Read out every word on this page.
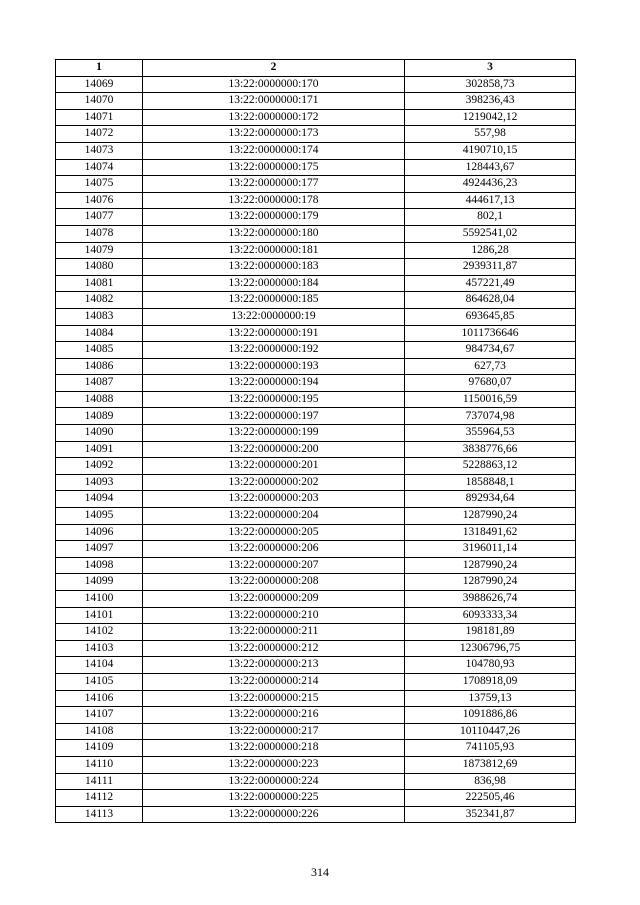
1	2	3
14069	13:22:0000000:170	302858,73
14070	13:22:0000000:171	398236,43
14071	13:22:0000000:172	1219042,12
14072	13:22:0000000:173	557,98
14073	13:22:0000000:174	4190710,15
14074	13:22:0000000:175	128443,67
14075	13:22:0000000:177	4924436,23
14076	13:22:0000000:178	444617,13
14077	13:22:0000000:179	802,1
14078	13:22:0000000:180	5592541,02
14079	13:22:0000000:181	1286,28
14080	13:22:0000000:183	2939311,87
14081	13:22:0000000:184	457221,49
14082	13:22:0000000:185	864628,04
14083	13:22:0000000:19	693645,85
14084	13:22:0000000:191	1011736646
14085	13:22:0000000:192	984734,67
14086	13:22:0000000:193	627,73
14087	13:22:0000000:194	97680,07
14088	13:22:0000000:195	1150016,59
14089	13:22:0000000:197	737074,98
14090	13:22:0000000:199	355964,53
14091	13:22:0000000:200	3838776,66
14092	13:22:0000000:201	5228863,12
14093	13:22:0000000:202	1858848,1
14094	13:22:0000000:203	892934,64
14095	13:22:0000000:204	1287990,24
14096	13:22:0000000:205	1318491,62
14097	13:22:0000000:206	3196011,14
14098	13:22:0000000:207	1287990,24
14099	13:22:0000000:208	1287990,24
14100	13:22:0000000:209	3988626,74
14101	13:22:0000000:210	6093333,34
14102	13:22:0000000:211	198181,89
14103	13:22:0000000:212	12306796,75
14104	13:22:0000000:213	104780,93
14105	13:22:0000000:214	1708918,09
14106	13:22:0000000:215	13759,13
14107	13:22:0000000:216	1091886,86
14108	13:22:0000000:217	10110447,26
14109	13:22:0000000:218	741105,93
14110	13:22:0000000:223	1873812,69
14111	13:22:0000000:224	836,98
14112	13:22:0000000:225	222505,46
14113	13:22:0000000:226	352341,87
314
